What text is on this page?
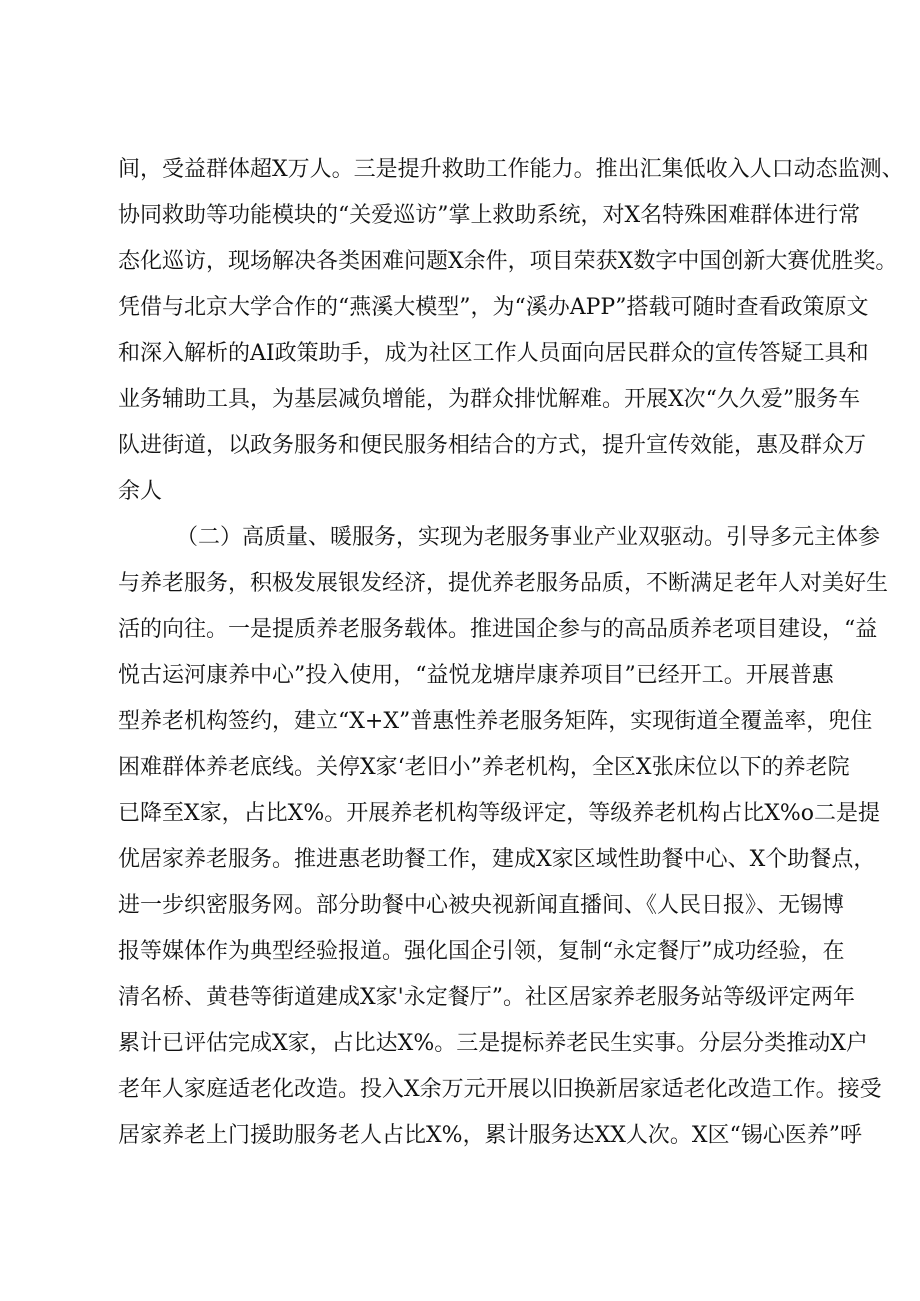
间，受益群体超X万人。三是提升救助工作能力。推出汇集低收入人口动态监测、
协同救助等功能模块的“关爱巡访”掌上救助系统，对X名特殊困难群体进行常
态化巡访，现场解决各类困难问题X余件，项目荣获X数字中国创新大赛优胜奖。
凭借与北京大学合作的“燕溪大模型”，为“溪办APP”搭载可随时查看政策原文
和深入解析的AI政策助手，成为社区工作人员面向居民群众的宣传答疑工具和
业务辅助工具，为基层减负增能，为群众排忧解难。开展X次“久久爱”服务车
队进街道，以政务服务和便民服务相结合的方式，提升宣传效能，惠及群众万
余人
（二）高质量、暖服务，实现为老服务事业产业双驱动。引导多元主体参
与养老服务，积极发展银发经济，提优养老服务品质，不断满足老年人对美好生
活的向往。一是提质养老服务载体。推进国企参与的高品质养老项目建设，“益
悦古运河康养中心”投入使用，“益悦龙塘岸康养项目”已经开工。开展普惠
型养老机构签约，建立“X+X”普惠性养老服务矩阵，实现街道全覆盖率，兜住
困难群体养老底线。关停X家‘老旧小”养老机构，全区X张床位以下的养老院
已降至X家，占比X%。开展养老机构等级评定，等级养老机构占比X%o二是提
优居家养老服务。推进惠老助餐工作，建成X家区域性助餐中心、X个助餐点，
进一步织密服务网。部分助餐中心被央视新闻直播间、《人民日报》、无锡博
报等媒体作为典型经验报道。强化国企引领，复制“永定餐厅”成功经验，在
清名桥、黄巷等街道建成X家'永定餐厅”。社区居家养老服务站等级评定两年
累计已评估完成X家，占比达X%。三是提标养老民生实事。分层分类推动X户
老年人家庭适老化改造。投入X余万元开展以旧换新居家适老化改造工作。接受
居家养老上门援助服务老人占比X%，累计服务达XX人次。X区“锡心医养”呼
